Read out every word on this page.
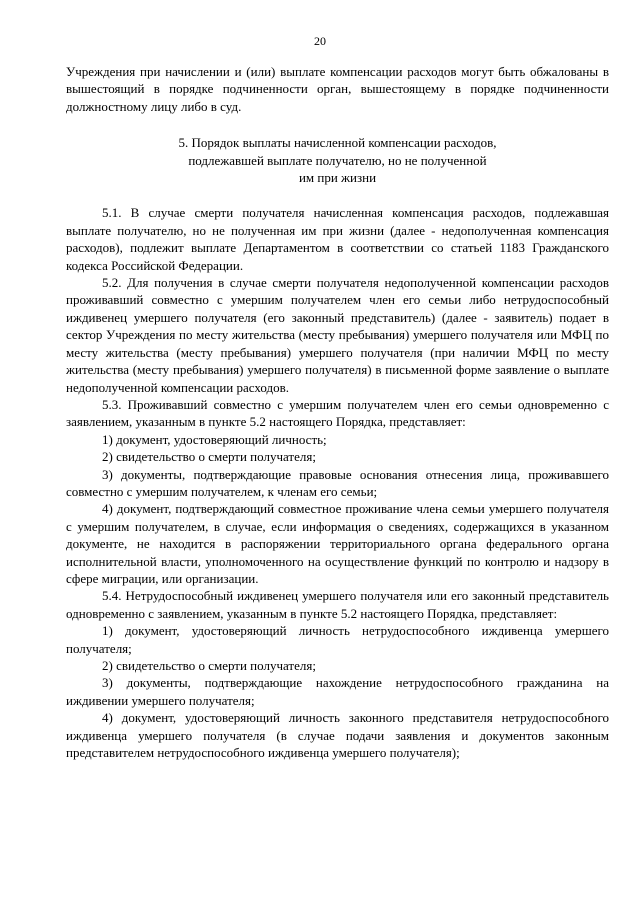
20

Учреждения при начислении и (или) выплате компенсации расходов могут быть обжалованы в вышестоящий в порядке подчиненности орган, вышестоящему в порядке подчиненности должностному лицу либо в суд.

5. Порядок выплаты начисленной компенсации расходов,

подлежавшей выплате получателю, но не полученной

им при жизни

5.1. В случае смерти получателя начисленная компенсация расходов, подлежавшая выплате получателю, но не полученная им при жизни (далее - недополученная компенсация расходов), подлежит выплате Департаментом в соответствии со статьей 1183 Гражданского кодекса Российской Федерации.

5.2. Для получения в случае смерти получателя недополученной компенсации расходов проживавший совместно с умершим получателем член его семьи либо нетрудоспособный иждивенец умершего получателя (его законный представитель) (далее - заявитель) подает в сектор Учреждения по месту жительства (месту пребывания) умершего получателя или МФЦ по месту жительства (месту пребывания) умершего получателя (при наличии МФЦ по месту жительства (месту пребывания) умершего получателя) в письменной форме заявление о выплате недополученной компенсации расходов.

5.3. Проживавший совместно с умершим получателем член его семьи одновременно с заявлением, указанным в пункте 5.2 настоящего Порядка, представляет:

1) документ, удостоверяющий личность;

2) свидетельство о смерти получателя;

3) документы, подтверждающие правовые основания отнесения лица, проживавшего совместно с умершим получателем, к членам его семьи;

4) документ, подтверждающий совместное проживание члена семьи умершего получателя с умершим получателем, в случае, если информация о сведениях, содержащихся в указанном документе, не находится в распоряжении территориального органа федерального органа исполнительной власти, уполномоченного на осуществление функций по контролю и надзору в сфере миграции, или организации.

5.4. Нетрудоспособный иждивенец умершего получателя или его законный представитель одновременно с заявлением, указанным в пункте 5.2 настоящего Порядка, представляет:

1) документ, удостоверяющий личность нетрудоспособного иждивенца умершего получателя;

2) свидетельство о смерти получателя;

3) документы, подтверждающие нахождение нетрудоспособного гражданина на иждивении умершего получателя;

4) документ, удостоверяющий личность законного представителя нетрудоспособного иждивенца умершего получателя (в случае подачи заявления и документов законным представителем нетрудоспособного иждивенца умершего получателя);
